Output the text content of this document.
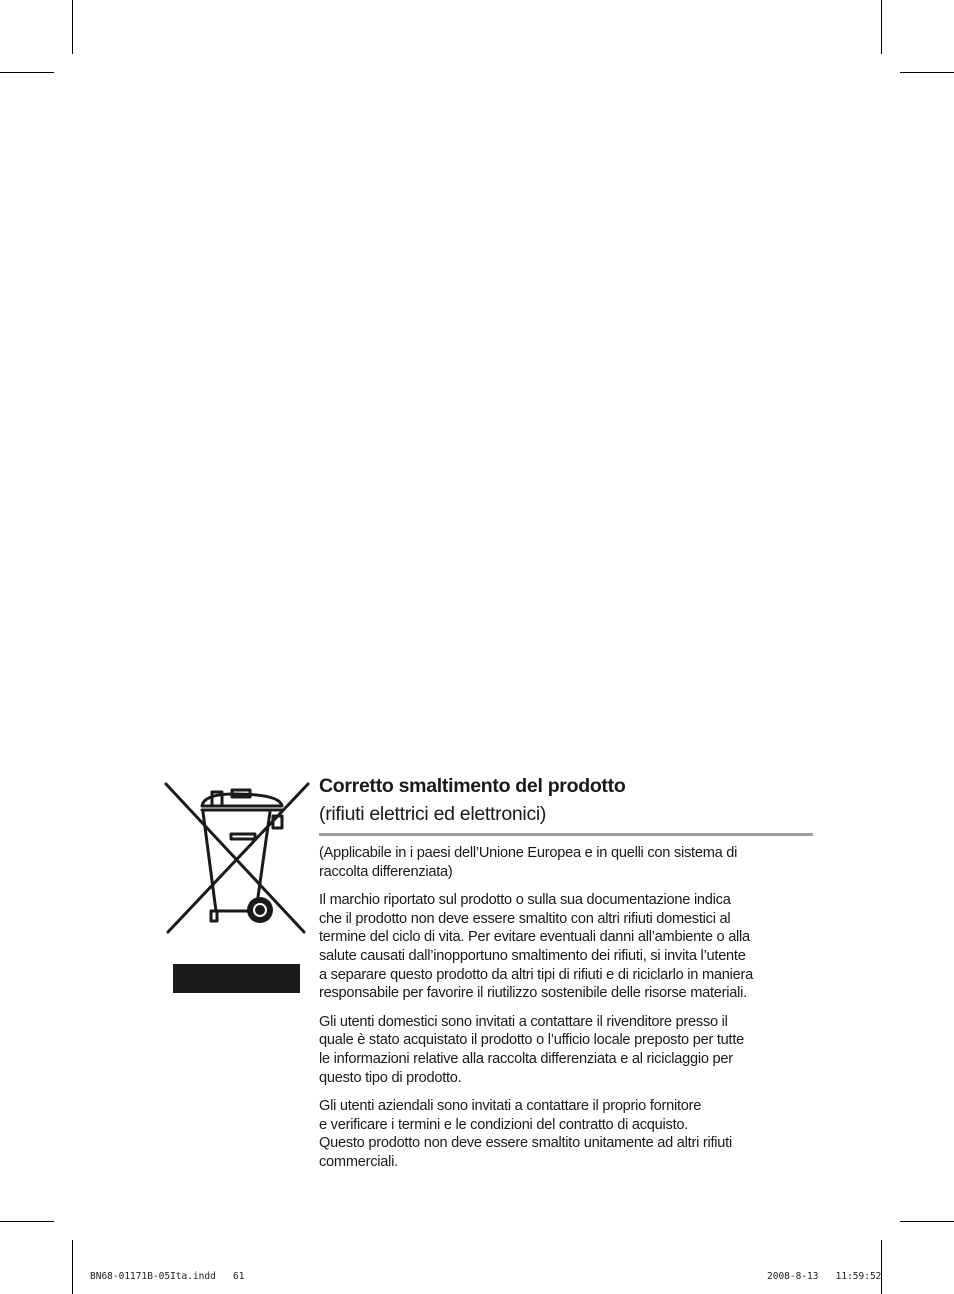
Corretto smaltimento del prodotto
(rifiuti elettrici ed elettronici)

(Applicabile in i paesi dell’Unione Europea e in quelli con sistema di
raccolta differenziata)

Il marchio riportato sul prodotto o sulla sua documentazione indica
che il prodotto non deve essere smaltito con altri rifiuti domestici al
termine del ciclo di vita. Per evitare eventuali danni all’ambiente o alla
salute causati dall’inopportuno smaltimento dei rifiuti, si invita l’utente
a separare questo prodotto da altri tipi di rifiuti e di riciclarlo in maniera
responsabile per favorire il riutilizzo sostenibile delle risorse materiali.

Gli utenti domestici sono invitati a contattare il rivenditore presso il
quale è stato acquistato il prodotto o l’ufficio locale preposto per tutte
le informazioni relative alla raccolta differenziata e al riciclaggio per
questo tipo di prodotto.

Gli utenti aziendali sono invitati a contattare il proprio fornitore
e verificare i termini e le condizioni del contratto di acquisto.
Questo prodotto non deve essere smaltito unitamente ad altri rifiuti
commerciali.

BN68-01171B-05Ita.indd   61	2008-8-13   11:59:52
